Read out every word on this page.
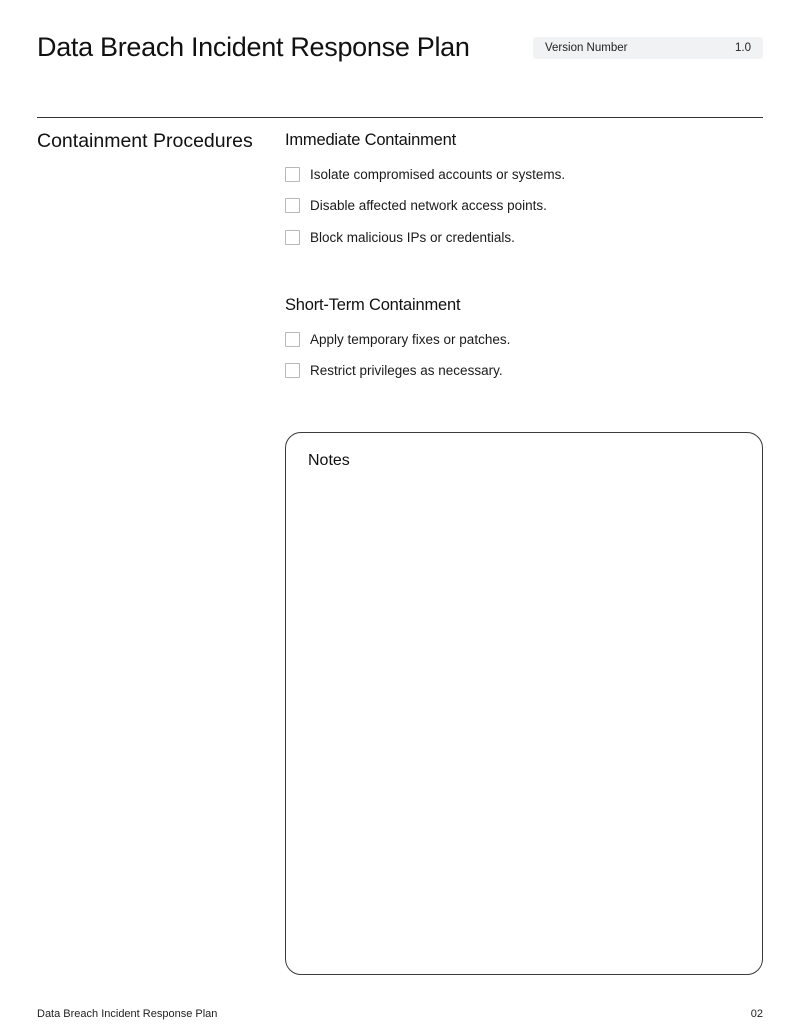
Data Breach Incident Response Plan	Version Number	1.0
Containment Procedures Immediate Containment
Isolate compromised accounts or systems.
Disable affected network access points.
Block malicious IPs or credentials.
Short-Term Containment
Apply temporary fixes or patches.
Restrict privileges as necessary.
Notes
Data Breach Incident Response Plan	02
